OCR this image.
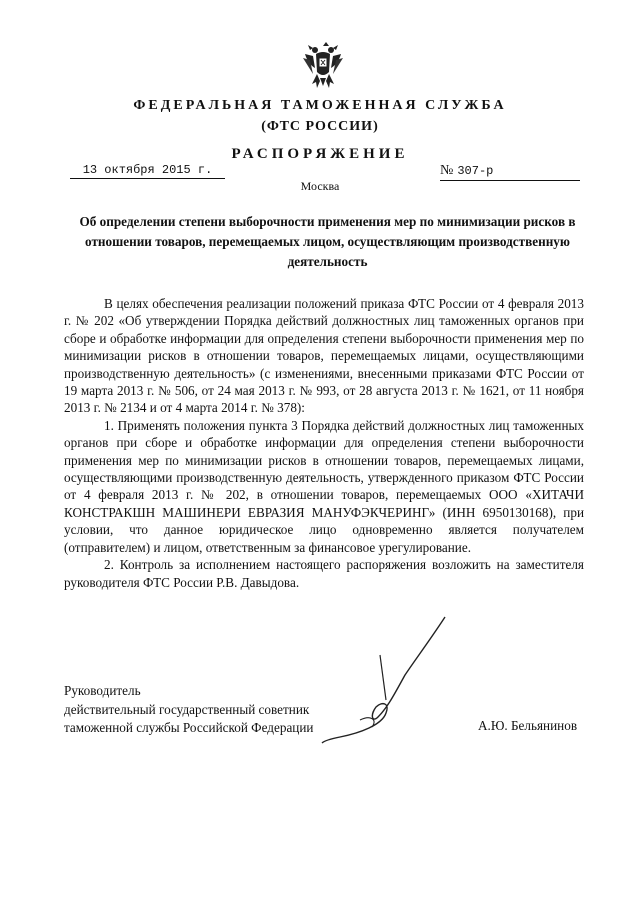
ФЕДЕРАЛЬНАЯ ТАМОЖЕННАЯ СЛУЖБА
(ФТС РОССИИ)
РАСПОРЯЖЕНИЕ
13 октября 2015 г.	№ 307-р
Москва
Об определении степени выборочности применения мер по минимизации рисков в отношении товаров, перемещаемых лицом, осуществляющим производственную деятельность

В целях обеспечения реализации положений приказа ФТС России от 4 февраля 2013 г. № 202 «Об утверждении Порядка действий должностных лиц таможенных органов при сборе и обработке информации для определения степени выборочности применения мер по минимизации рисков в отношении товаров, перемещаемых лицами, осуществляющими производственную деятельность» (с изменениями, внесенными приказами ФТС России от 19 марта 2013 г. № 506, от 24 мая 2013 г. № 993, от 28 августа 2013 г. № 1621, от 11 ноября 2013 г. № 2134 и от 4 марта 2014 г. № 378):

1. Применять положения пункта 3 Порядка действий должностных лиц таможенных органов при сборе и обработке информации для определения степени выборочности применения мер по минимизации рисков в отношении товаров, перемещаемых лицами, осуществляющими производственную деятельность, утвержденного приказом ФТС России от 4 февраля 2013 г. № 202, в отношении товаров, перемещаемых ООО «ХИТАЧИ КОНСТРАКШН МАШИНЕРИ ЕВРАЗИЯ МАНУФЭКЧЕРИНГ» (ИНН 6950130168), при условии, что данное юридическое лицо одновременно является получателем (отправителем) и лицом, ответственным за финансовое урегулирование.

2. Контроль за исполнением настоящего распоряжения возложить на заместителя руководителя ФТС России Р.В. Давыдова.

Руководитель
действительный государственный советник
таможенной службы Российской Федерации	А.Ю. Бельянинов
